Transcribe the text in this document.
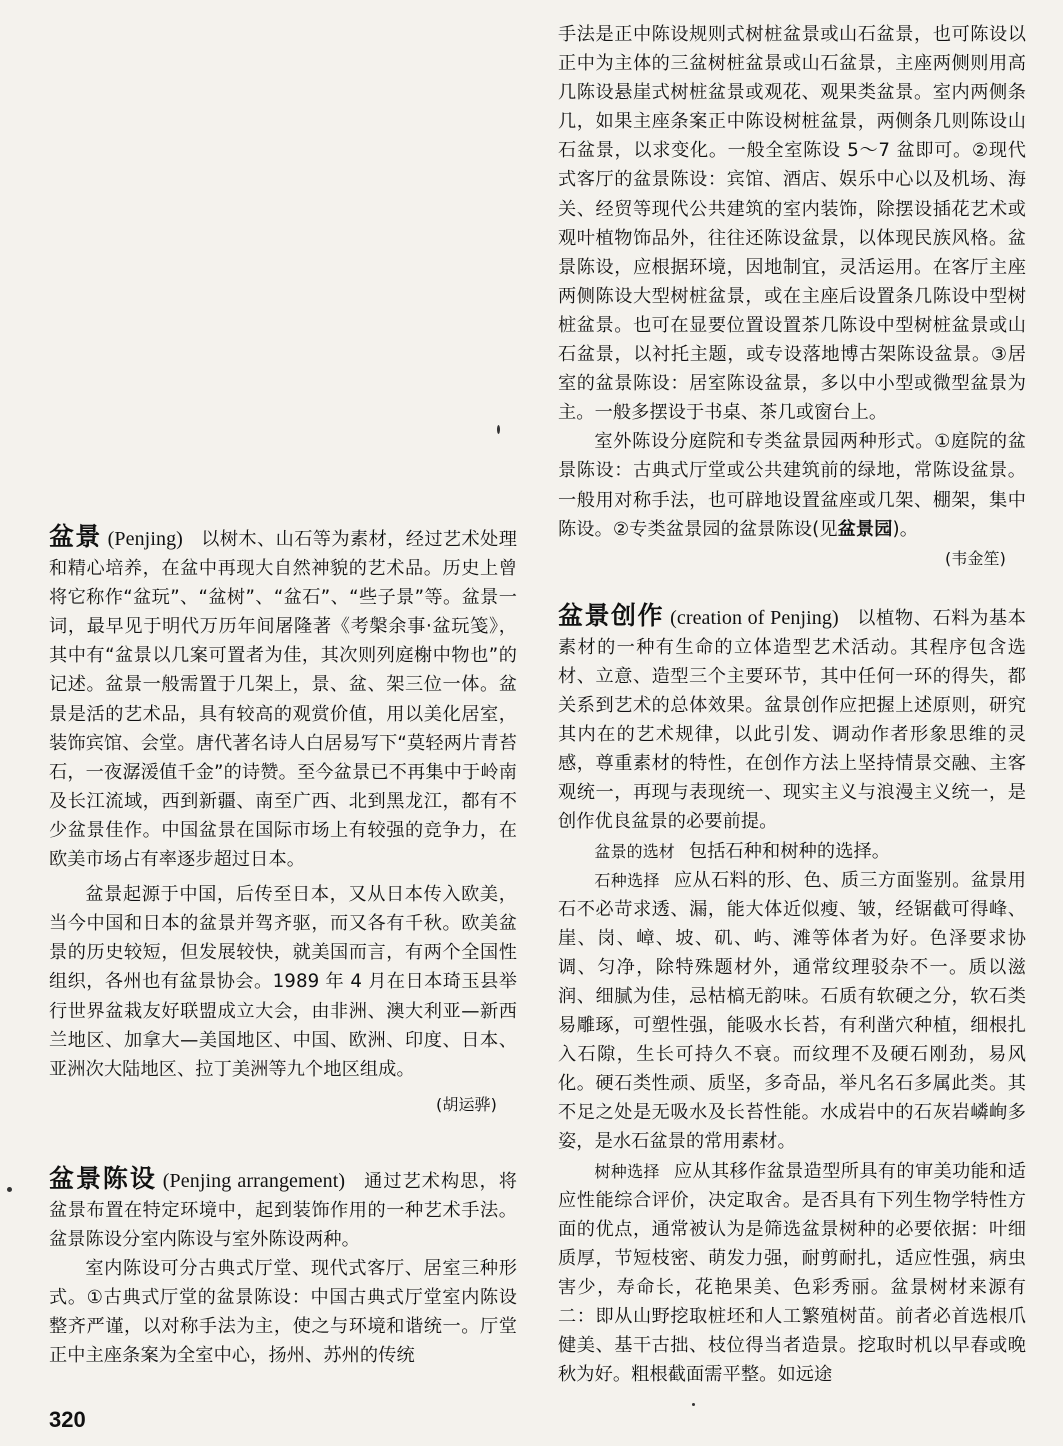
盆景 (Penjing) 以树木、山石等为素材，经过艺术处理和精心培养，在盆中再现大自然神貌的艺术品。历史上曾将它称作“盆玩”、“盆树”、“盆石”、“些子景”等。盆景一词，最早见于明代万历年间屠隆著《考槃余事·盆玩笺》，其中有“盆景以几案可置者为佳，其次则列庭榭中物也”的记述。盆景一般需置于几架上，景、盆、架三位一体。盆景是活的艺术品，具有较高的观赏价值，用以美化居室，装饰宾馆、会堂。唐代著名诗人白居易写下“莫轻两片青苔石，一夜潺湲值千金”的诗赞。至今盆景已不再集中于岭南及长江流域，西到新疆、南至广西、北到黑龙江，都有不少盆景佳作。中国盆景在国际市场上有较强的竞争力，在欧美市场占有率逐步超过日本。

盆景起源于中国，后传至日本，又从日本传入欧美，当今中国和日本的盆景并驾齐驱，而又各有千秋。欧美盆景的历史较短，但发展较快，就美国而言，有两个全国性组织，各州也有盆景协会。1989 年 4 月在日本琦玉县举行世界盆栽友好联盟成立大会，由非洲、澳大利亚—新西兰地区、加拿大—美国地区、中国、欧洲、印度、日本、亚洲次大陆地区、拉丁美洲等九个地区组成。

(胡运骅)

盆景陈设 (Penjing arrangement) 通过艺术构思，将盆景布置在特定环境中，起到装饰作用的一种艺术手法。盆景陈设分室内陈设与室外陈设两种。

室内陈设可分古典式厅堂、现代式客厅、居室三种形式。①古典式厅堂的盆景陈设：中国古典式厅堂室内陈设整齐严谨，以对称手法为主，使之与环境和谐统一。厅堂正中主座条案为全室中心，扬州、苏州的传统

手法是正中陈设规则式树桩盆景或山石盆景，也可陈设以正中为主体的三盆树桩盆景或山石盆景，主座两侧则用高几陈设悬崖式树桩盆景或观花、观果类盆景。室内两侧条几，如果主座条案正中陈设树桩盆景，两侧条几则陈设山石盆景，以求变化。一般全室陈设 5～7 盆即可。②现代式客厅的盆景陈设：宾馆、酒店、娱乐中心以及机场、海关、经贸等现代公共建筑的室内装饰，除摆设插花艺术或观叶植物饰品外，往往还陈设盆景，以体现民族风格。盆景陈设，应根据环境，因地制宜，灵活运用。在客厅主座两侧陈设大型树桩盆景，或在主座后设置条几陈设中型树桩盆景。也可在显要位置设置茶几陈设中型树桩盆景或山石盆景，以衬托主题，或专设落地博古架陈设盆景。③居室的盆景陈设：居室陈设盆景，多以中小型或微型盆景为主。一般多摆设于书桌、茶几或窗台上。

室外陈设分庭院和专类盆景园两种形式。①庭院的盆景陈设：古典式厅堂或公共建筑前的绿地，常陈设盆景。一般用对称手法，也可辟地设置盆座或几架、棚架，集中陈设。②专类盆景园的盆景陈设(见盆景园)。

(韦金笙)

盆景创作 (creation of Penjing) 以植物、石料为基本素材的一种有生命的立体造型艺术活动。其程序包含选材、立意、造型三个主要环节，其中任何一环的得失，都关系到艺术的总体效果。盆景创作应把握上述原则，研究其内在的艺术规律，以此引发、调动作者形象思维的灵感，尊重素材的特性，在创作方法上坚持情景交融、主客观统一，再现与表现统一、现实主义与浪漫主义统一，是创作优良盆景的必要前提。

盆景的选材 包括石种和树种的选择。

石种选择 应从石料的形、色、质三方面鉴别。盆景用石不必苛求透、漏，能大体近似瘦、皱，经锯截可得峰、崖、岗、嶂、坡、矶、屿、滩等体者为好。色泽要求协调、匀净，除特殊题材外，通常纹理驳杂不一。质以滋润、细腻为佳，忌枯槁无韵味。石质有软硬之分，软石类易雕琢，可塑性强，能吸水长苔，有利凿穴种植，细根扎入石隙，生长可持久不衰。而纹理不及硬石刚劲，易风化。硬石类性顽、质坚，多奇品，举凡名石多属此类。其不足之处是无吸水及长苔性能。水成岩中的石灰岩嶙峋多姿，是水石盆景的常用素材。

树种选择 应从其移作盆景造型所具有的审美功能和适应性能综合评价，决定取舍。是否具有下列生物学特性方面的优点，通常被认为是筛选盆景树种的必要依据：叶细质厚，节短枝密、萌发力强，耐剪耐扎，适应性强，病虫害少，寿命长，花艳果美、色彩秀丽。盆景树材来源有二：即从山野挖取桩坯和人工繁殖树苗。前者必首选根爪健美、基干古拙、枝位得当者造景。挖取时机以早春或晚秋为好。粗根截面需平整。如远途

320
